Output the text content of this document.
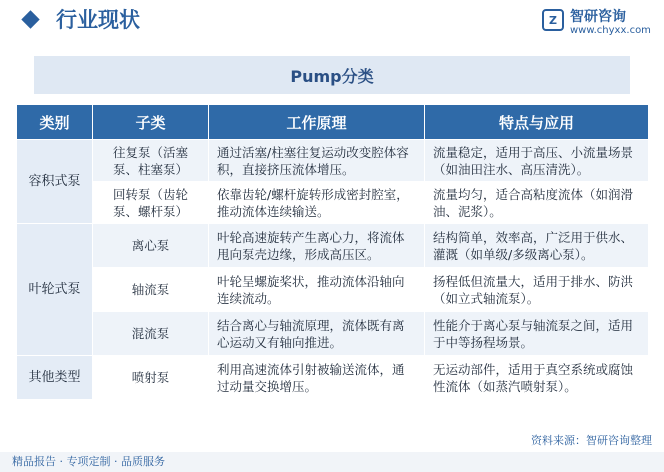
行业现状	Z 智研咨询
www.chyxx.com
Pump分类
类别	子类	工作原理	特点与应用
容积式泵	往复泵（活塞泵、柱塞泵）	通过活塞/柱塞往复运动改变腔体容积，直接挤压流体增压。	流量稳定，适用于高压、小流量场景（如油田注水、高压清洗）。
	回转泵（齿轮泵、螺杆泵）	依靠齿轮/螺杆旋转形成密封腔室，推动流体连续输送。	流量均匀，适合高粘度流体（如润滑油、泥浆）。
叶轮式泵	离心泵	叶轮高速旋转产生离心力，将流体甩向泵壳边缘，形成高压区。	结构简单，效率高，广泛用于供水、灌溉（如单级/多级离心泵）。
	轴流泵	叶轮呈螺旋桨状，推动流体沿轴向连续流动。	扬程低但流量大，适用于排水、防洪（如立式轴流泵）。
	混流泵	结合离心与轴流原理，流体既有离心运动又有轴向推进。	性能介于离心泵与轴流泵之间，适用于中等扬程场景。
其他类型	喷射泵	利用高速流体引射被输送流体，通过动量交换增压。	无运动部件，适用于真空系统或腐蚀性流体（如蒸汽喷射泵）。
资料来源：智研咨询整理
精品报告 · 专项定制 · 品质服务
